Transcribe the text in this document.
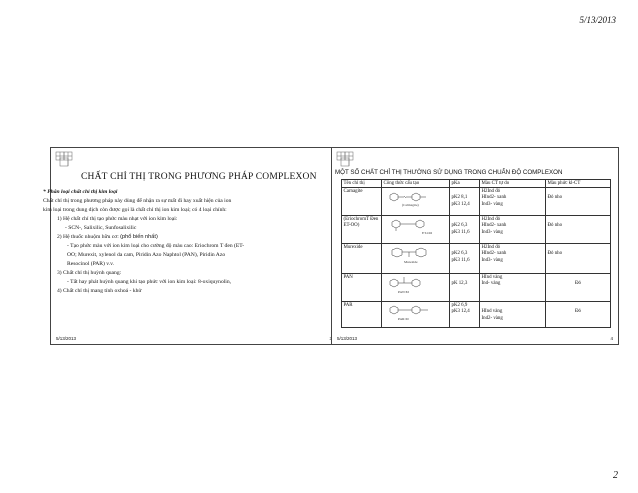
5/13/2013
CHẤT CHỈ THỊ TRONG PHƯƠNG PHÁP COMPLEXON
* Phân loại chất chỉ thị kim loại
Chất chỉ thị trong phương pháp này dùng để nhận ra sự mất đi hay xuất hiện của ion
kim loại trong dung dịch còn được gọi là chất chỉ thị ion kim loại; có 4 loại chính:
1) Hệ chất chỉ thị tạo phức màu nhạt với ion kim loại:
- SCN-, Salixilic, Sunfosalixilic
2) Hệ thuốc nhuộm hữu cơ: (phổ biến nhất)
- Tạo phức màu với ion kim loại cho cường độ màu cao: Eriochrom T đen (ET-
OO; Murexit, xylenol da cam, Piridin Azo Naphtol (PAN), Piridin Azo
Resocinol (PAR) v.v.
3) Chất chỉ thị huỳnh quang:
- Tất hay phát huỳnh quang khi tạo phức với ion kim loại: 8-oxiquynolin,
4) Chất chỉ thị mang tính oxhoá - khử
5/13/2013
MỘT SỐ CHẤT CHỈ THỊ THƯỜNG SỬ DỤNG TRONG CHUẨN ĐỘ COMPLEXON
Tên chỉ thị	Công thức cấu tạo	pKa	Màu CT tự do	Màu phức kl-CT
Carnagite	(Calmagite)	pK2 8,1
pK3 12,4	H2Ind đỏ
HInd2- xanh
Ind3- vàng	Đỏ nho
(EriochromT Đen ET-OO)	ET-OO	pK2 6,3
pK3 11,6	H2Ind đỏ
HInd2- xanh
Ind3- vàng	Đỏ nho
Murexide	Murexide	pK2 6,3
pK3 11,6	H2Ind đỏ
HInd2- xanh
Ind3- vàng	Đỏ nho
PAN	PAN:M	pK 12,3	HInd vàng
Ind- vàng	Đỏ
PAR	PAR:M	pK2 6,9
pK3 12,4	HInd vàng
Ind2- vàng	Đỏ
5/13/2013	4
2
